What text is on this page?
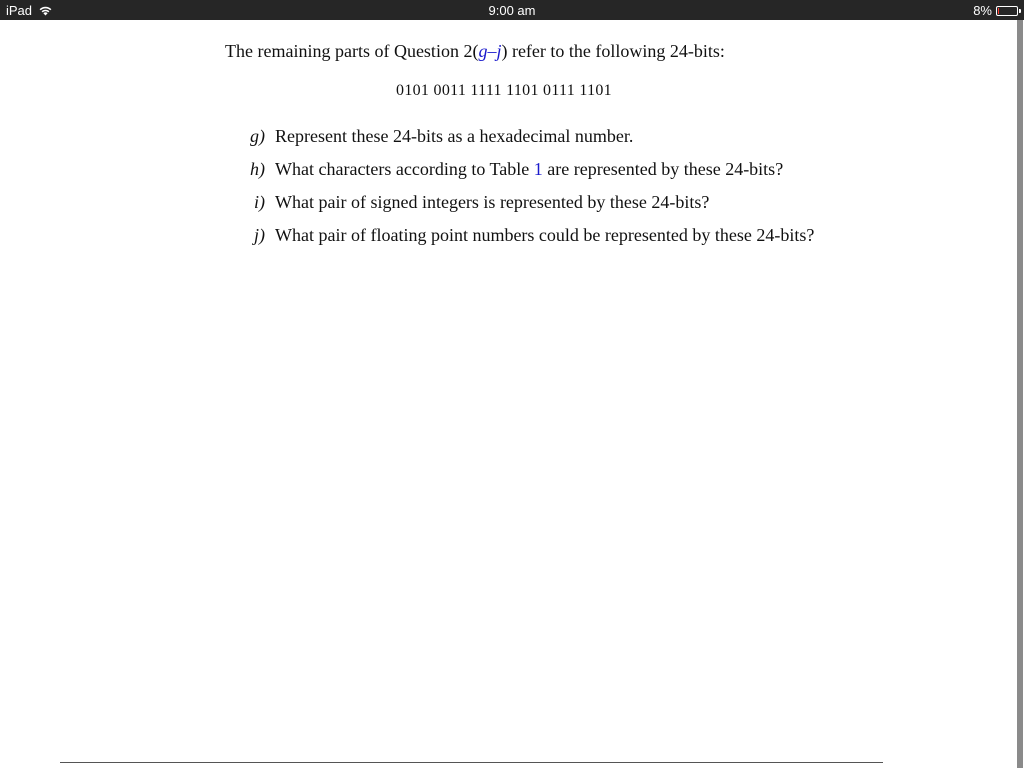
iPad	9:00 am	8%
The remaining parts of Question 2(g–j) refer to the following 24-bits:
0101 0011 1111 1101 0111 1101
g) Represent these 24-bits as a hexadecimal number.
h) What characters according to Table 1 are represented by these 24-bits?
i) What pair of signed integers is represented by these 24-bits?
j) What pair of floating point numbers could be represented by these 24-bits?
